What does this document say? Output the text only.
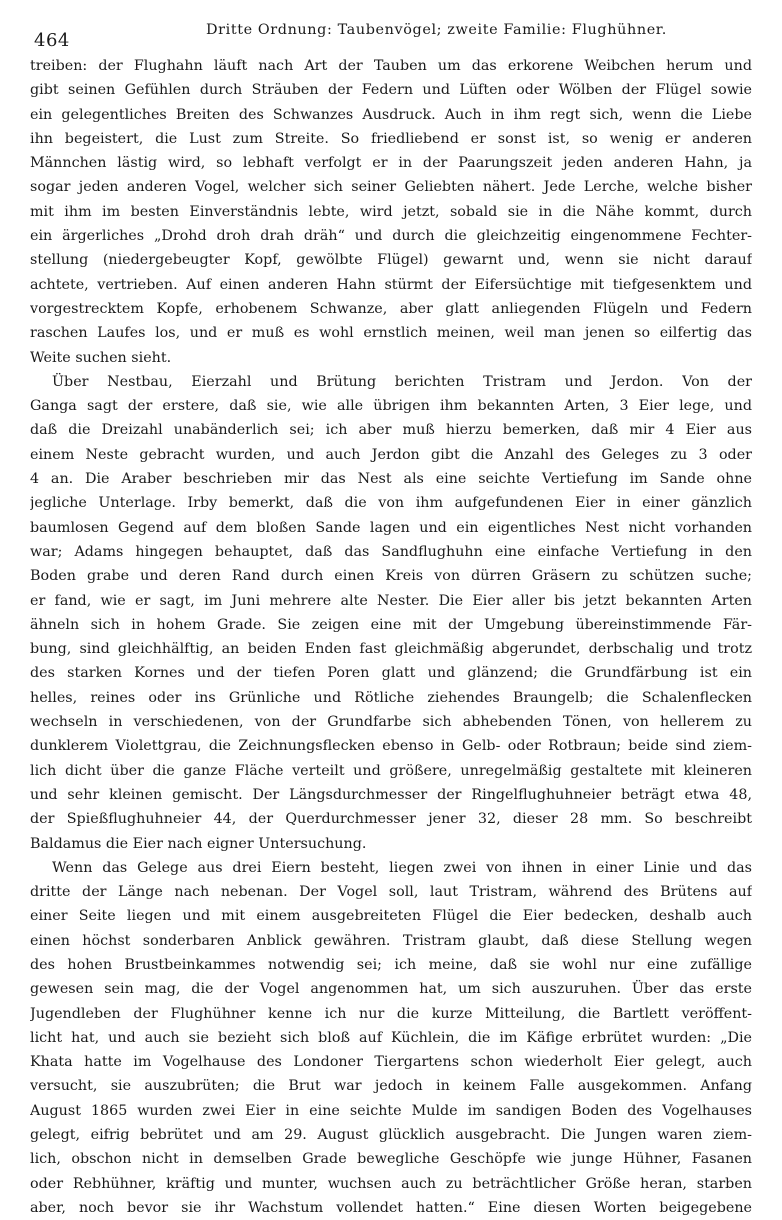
464	Dritte Ordnung: Taubenvögel; zweite Familie: Flughühner.
treiben: der Flughahn läuft nach Art der Tauben um das erkorene Weibchen herum und
gibt seinen Gefühlen durch Sträuben der Federn und Lüften oder Wölben der Flügel sowie
ein gelegentliches Breiten des Schwanzes Ausdruck. Auch in ihm regt sich, wenn die Liebe
ihn begeistert, die Lust zum Streite. So friedliebend er sonst ist, so wenig er anderen
Männchen lästig wird, so lebhaft verfolgt er in der Paarungszeit jeden anderen Hahn, ja
sogar jeden anderen Vogel, welcher sich seiner Geliebten nähert. Jede Lerche, welche bisher
mit ihm im besten Einverständnis lebte, wird jetzt, sobald sie in die Nähe kommt, durch
ein ärgerliches „Drohd droh drah dräh“ und durch die gleichzeitig eingenommene Fechter-
stellung (niedergebeugter Kopf, gewölbte Flügel) gewarnt und, wenn sie nicht darauf
achtete, vertrieben. Auf einen anderen Hahn stürmt der Eifersüchtige mit tiefgesenktem und
vorgestrecktem Kopfe, erhobenem Schwanze, aber glatt anliegenden Flügeln und Federn
raschen Laufes los, und er muß es wohl ernstlich meinen, weil man jenen so eilfertig das
Weite suchen sieht.
Über Nestbau, Eierzahl und Brütung berichten Tristram und Jerdon. Von der
Ganga sagt der erstere, daß sie, wie alle übrigen ihm bekannten Arten, 3 Eier lege, und
daß die Dreizahl unabänderlich sei; ich aber muß hierzu bemerken, daß mir 4 Eier aus
einem Neste gebracht wurden, und auch Jerdon gibt die Anzahl des Geleges zu 3 oder
4 an. Die Araber beschrieben mir das Nest als eine seichte Vertiefung im Sande ohne
jegliche Unterlage. Irby bemerkt, daß die von ihm aufgefundenen Eier in einer gänzlich
baumlosen Gegend auf dem bloßen Sande lagen und ein eigentliches Nest nicht vorhanden
war; Adams hingegen behauptet, daß das Sandflughuhn eine einfache Vertiefung in den
Boden grabe und deren Rand durch einen Kreis von dürren Gräsern zu schützen suche;
er fand, wie er sagt, im Juni mehrere alte Nester. Die Eier aller bis jetzt bekannten Arten
ähneln sich in hohem Grade. Sie zeigen eine mit der Umgebung übereinstimmende Fär-
bung, sind gleichhälftig, an beiden Enden fast gleichmäßig abgerundet, derbschalig und trotz
des starken Kornes und der tiefen Poren glatt und glänzend; die Grundfärbung ist ein
helles, reines oder ins Grünliche und Rötliche ziehendes Braungelb; die Schalenflecken
wechseln in verschiedenen, von der Grundfarbe sich abhebenden Tönen, von hellerem zu
dunklerem Violettgrau, die Zeichnungsflecken ebenso in Gelb- oder Rotbraun; beide sind ziem-
lich dicht über die ganze Fläche verteilt und größere, unregelmäßig gestaltete mit kleineren
und sehr kleinen gemischt. Der Längsdurchmesser der Ringelflughuhneier beträgt etwa 48,
der Spießflughuhneier 44, der Querdurchmesser jener 32, dieser 28 mm. So beschreibt
Baldamus die Eier nach eigner Untersuchung.
Wenn das Gelege aus drei Eiern besteht, liegen zwei von ihnen in einer Linie und das
dritte der Länge nach nebenan. Der Vogel soll, laut Tristram, während des Brütens auf
einer Seite liegen und mit einem ausgebreiteten Flügel die Eier bedecken, deshalb auch
einen höchst sonderbaren Anblick gewähren. Tristram glaubt, daß diese Stellung wegen
des hohen Brustbeinkammes notwendig sei; ich meine, daß sie wohl nur eine zufällige
gewesen sein mag, die der Vogel angenommen hat, um sich auszuruhen. Über das erste
Jugendleben der Flughühner kenne ich nur die kurze Mitteilung, die Bartlett veröffent-
licht hat, und auch sie bezieht sich bloß auf Küchlein, die im Käfige erbrütet wurden: „Die
Khata hatte im Vogelhause des Londoner Tiergartens schon wiederholt Eier gelegt, auch
versucht, sie auszubrüten; die Brut war jedoch in keinem Falle ausgekommen. Anfang
August 1865 wurden zwei Eier in eine seichte Mulde im sandigen Boden des Vogelhauses
gelegt, eifrig bebrütet und am 29. August glücklich ausgebracht. Die Jungen waren ziem-
lich, obschon nicht in demselben Grade bewegliche Geschöpfe wie junge Hühner, Fasanen
oder Rebhühner, kräftig und munter, wuchsen auch zu beträchtlicher Größe heran, starben
aber, noch bevor sie ihr Wachstum vollendet hatten.“ Eine diesen Worten beigegebene
